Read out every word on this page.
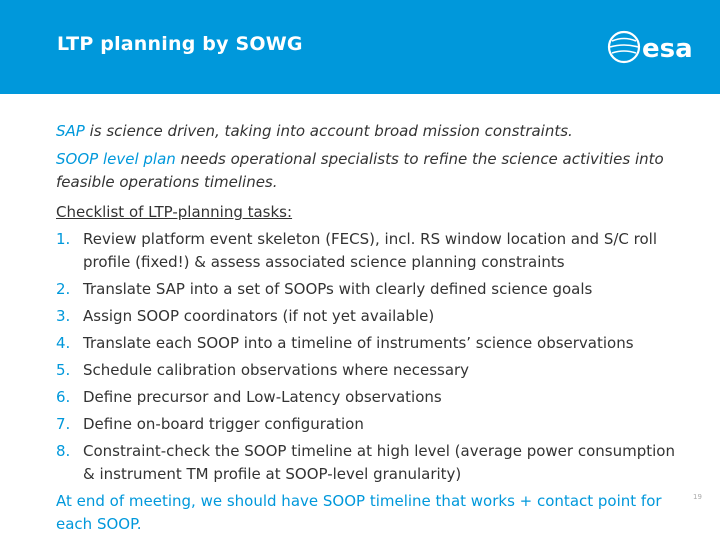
LTP planning by SOWG	esa

SAP is science driven, taking into account broad mission constraints.

SOOP level plan needs operational specialists to refine the science activities into feasible operations timelines.

Checklist of LTP-planning tasks:

1. Review platform event skeleton (FECS), incl. RS window location and S/C roll profile (fixed!) & assess associated science planning constraints
2. Translate SAP into a set of SOOPs with clearly defined science goals
3. Assign SOOP coordinators (if not yet available)
4. Translate each SOOP into a timeline of instruments’ science observations
5. Schedule calibration observations where necessary
6. Define precursor and Low-Latency observations
7. Define on-board trigger configuration
8. Constraint-check the SOOP timeline at high level (average power consumption & instrument TM profile at SOOP-level granularity)

At end of meeting, we should have SOOP timeline that works + contact point for each SOOP.

19
